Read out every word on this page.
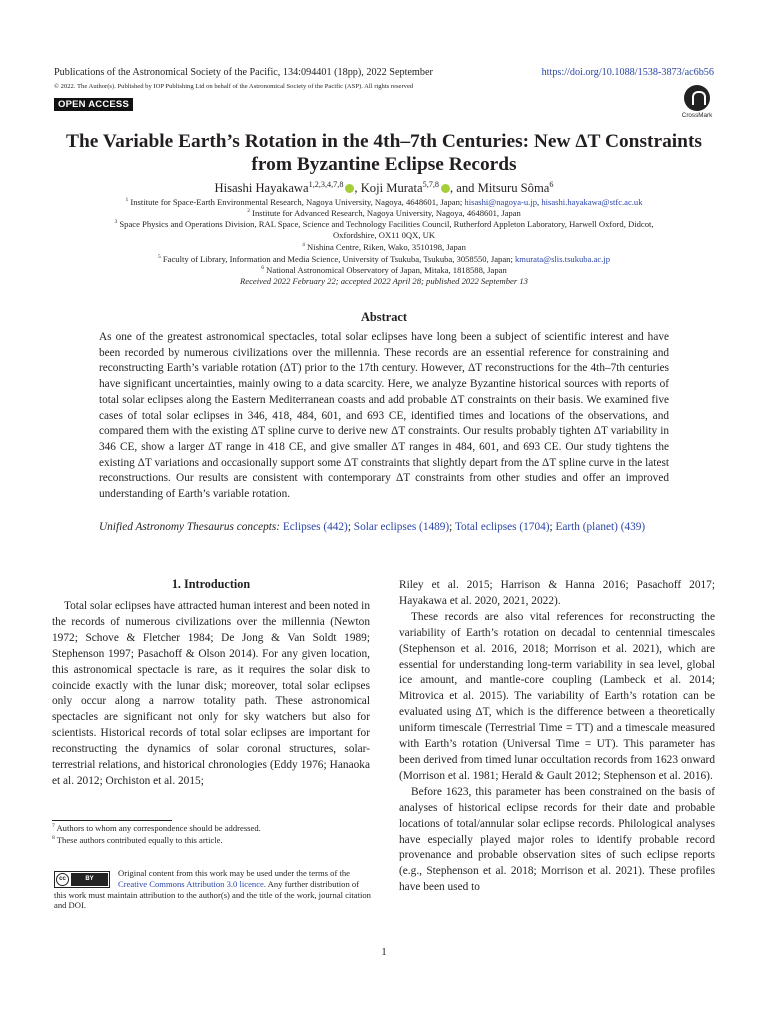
Publications of the Astronomical Society of the Pacific, 134:094401 (18pp), 2022 September	https://doi.org/10.1088/1538-3873/ac6b56
© 2022. The Author(s). Published by IOP Publishing Ltd on behalf of the Astronomical Society of the Pacific (ASP). All rights reserved
OPEN ACCESS
CrossMark
The Variable Earth’s Rotation in the 4th–7th Centuries: New ΔT Constraints
from Byzantine Eclipse Records
Hisashi Hayakawa$^{1,2,3,4,7,8}$ , Koji Murata$^{5,7,8}$ , and Mitsuru Sôma$^6$
$^1$ Institute for Space-Earth Environmental Research, Nagoya University, Nagoya, 4648601, Japan; hisashi@nagoya-u.jp, hisashi.hayakawa@stfc.ac.uk
$^2$ Institute for Advanced Research, Nagoya University, Nagoya, 4648601, Japan
$^3$ Space Physics and Operations Division, RAL Space, Science and Technology Facilities Council, Rutherford Appleton Laboratory, Harwell Oxford, Didcot,
Oxfordshire, OX11 0QX, UK
$^4$ Nishina Centre, Riken, Wako, 3510198, Japan
$^5$ Faculty of Library, Information and Media Science, University of Tsukuba, Tsukuba, 3058550, Japan; kmurata@slis.tsukuba.ac.jp
$^6$ National Astronomical Observatory of Japan, Mitaka, 1818588, Japan
Received 2022 February 22; accepted 2022 April 28; published 2022 September 13
Abstract
As one of the greatest astronomical spectacles, total solar eclipses have long been a subject of scientific interest and have been recorded by numerous civilizations over the millennia. These records are an essential reference for constraining and reconstructing Earth’s variable rotation (ΔT) prior to the 17th century. However, ΔT reconstructions for the 4th–7th centuries have significant uncertainties, mainly owing to a data scarcity. Here, we analyze Byzantine historical sources with reports of total solar eclipses along the Eastern Mediterranean coasts and add probable ΔT constraints on their basis. We examined five cases of total solar eclipses in 346, 418, 484, 601, and 693 CE, identified times and locations of the observations, and compared them with the existing ΔT spline curve to derive new ΔT constraints. Our results probably tighten ΔT variability in 346 CE, show a larger ΔT range in 418 CE, and give smaller ΔT ranges in 484, 601, and 693 CE. Our study tightens the existing ΔT variations and occasionally support some ΔT constraints that slightly depart from the ΔT spline curve in the latest reconstructions. Our results are consistent with contemporary ΔT constraints from other studies and offer an improved understanding of Earth’s variable rotation.
Unified Astronomy Thesaurus concepts: Eclipses (442); Solar eclipses (1489); Total eclipses (1704); Earth (planet) (439)
1. Introduction

Total solar eclipses have attracted human interest and been noted in the records of numerous civilizations over the millennia (Newton 1972; Schove & Fletcher 1984; De Jong & Van Soldt 1989; Stephenson 1997; Pasachoff & Olson 2014). For any given location, this astronomical spectacle is rare, as it requires the solar disk to coincide exactly with the lunar disk; moreover, total solar eclipses only occur along a narrow totality path. These astronomical spectacles are significant not only for sky watchers but also for scientists. Historical records of total solar eclipses are important for reconstructing the dynamics of solar coronal structures, solar-terrestrial relations, and historical chronologies (Eddy 1976; Hanaoka et al. 2012; Orchiston et al. 2015;

Riley et al. 2015; Harrison & Hanna 2016; Pasachoff 2017; Hayakawa et al. 2020, 2021, 2022).

These records are also vital references for reconstructing the variability of Earth’s rotation on decadal to centennial timescales (Stephenson et al. 2016, 2018; Morrison et al. 2021), which are essential for understanding long-term variability in sea level, global ice amount, and mantle-core coupling (Lambeck et al. 2014; Mitrovica et al. 2015). The variability of Earth’s rotation can be evaluated using ΔT, which is the difference between a theoretically uniform timescale (Terrestrial Time = TT) and a timescale measured with Earth’s rotation (Universal Time = UT). This parameter has been derived from timed lunar occultation records from 1623 onward (Morrison et al. 1981; Herald & Gault 2012; Stephenson et al. 2016).

Before 1623, this parameter has been constrained on the basis of analyses of historical eclipse records for their date and probable locations of total/annular solar eclipse records. Philological analyses have especially played major roles to identify probable record provenance and probable observation sites of such eclipse reports (e.g., Stephenson et al. 2018; Morrison et al. 2021). These profiles have been used to

$^7$ Authors to whom any correspondence should be addressed.
$^8$ These authors contributed equally to this article.
cc	BY
Original content from this work may be used under the terms of the Creative Commons Attribution 3.0 licence. Any further distribution of this work must maintain attribution to the author(s) and the title of the work, journal citation and DOI.
1
